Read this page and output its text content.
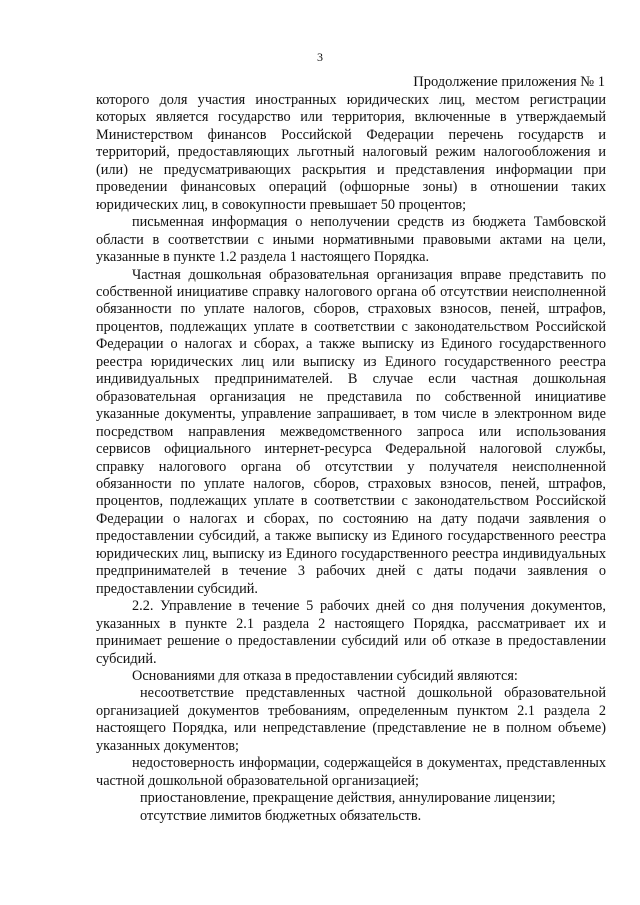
3
Продолжение приложения № 1

которого доля участия иностранных юридических лиц, местом регистрации которых является государство или территория, включенные в утверждаемый Министерством финансов Российской Федерации перечень государств и территорий, предоставляющих льготный налоговый режим налогообложения и (или) не предусматривающих раскрытия и представления информации при проведении финансовых операций (офшорные зоны) в отношении таких юридических лиц, в совокупности превышает 50 процентов;

письменная информация о неполучении средств из бюджета Тамбовской области в соответствии с иными нормативными правовыми актами на цели, указанные в пункте 1.2 раздела 1 настоящего Порядка.

Частная дошкольная образовательная организация вправе представить по собственной инициативе справку налогового органа об отсутствии неисполненной обязанности по уплате налогов, сборов, страховых взносов, пеней, штрафов, процентов, подлежащих уплате в соответствии с законодательством Российской Федерации о налогах и сборах, а также выписку из Единого государственного реестра юридических лиц или выписку из Единого государственного реестра индивидуальных предпринимателей. В случае если частная дошкольная образовательная организация не представила по собственной инициативе указанные документы, управление запрашивает, в том числе в электронном виде посредством направления межведомственного запроса или использования сервисов официального интернет-ресурса Федеральной налоговой службы, справку налогового органа об отсутствии у получателя неисполненной обязанности по уплате налогов, сборов, страховых взносов, пеней, штрафов, процентов, подлежащих уплате в соответствии с законодательством Российской Федерации о налогах и сборах, по состоянию на дату подачи заявления о предоставлении субсидий, а также выписку из Единого государственного реестра юридических лиц, выписку из Единого государственного реестра индивидуальных предпринимателей в течение 3 рабочих дней с даты подачи заявления о предоставлении субсидий.

2.2. Управление в течение 5 рабочих дней со дня получения документов, указанных в пункте 2.1 раздела 2 настоящего Порядка, рассматривает их и принимает решение о предоставлении субсидий или об отказе в предоставлении субсидий.

Основаниями для отказа в предоставлении субсидий являются:

несоответствие представленных частной дошкольной образовательной организацией документов требованиям, определенным пунктом 2.1 раздела 2 настоящего Порядка, или непредставление (представление не в полном объеме) указанных документов;

недостоверность информации, содержащейся в документах, представленных частной дошкольной образовательной организацией;

приостановление, прекращение действия, аннулирование лицензии;

отсутствие лимитов бюджетных обязательств.
